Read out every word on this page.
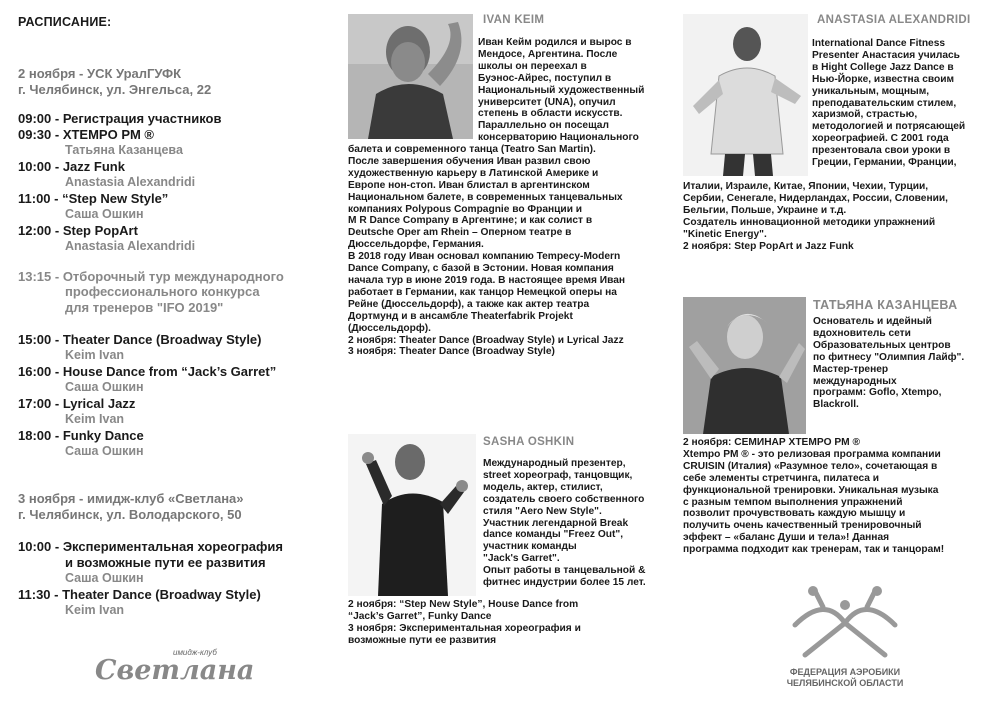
РАСПИСАНИЕ:
2 ноября - УСК УралГУФК
г. Челябинск, ул. Энгельса, 22
09:00 - Регистрация участников
09:30 - XTEMPO PM ®
Татьяна Казанцева
10:00 - Jazz Funk
Anastasia Alexandridi
11:00 - “Step New Style”
Саша Ошкин
12:00 - Step PopArt
Anastasia Alexandridi
13:15 - Отборочный тур международного
профессионального конкурса
для тренеров "IFO 2019"
15:00 - Theater Dance (Broadway Style)
Keim Ivan
16:00 - House Dance from “Jack’s Garret”
Саша Ошкин
17:00 - Lyrical Jazz
Keim Ivan
18:00 - Funky Dance
Саша Ошкин
3 ноября - имидж-клуб «Светлана»
г. Челябинск, ул. Володарского, 50
10:00 - Экспериментальная хореография
и возможные пути ее развития
Саша Ошкин
11:30 - Theater Dance (Broadway Style)
Keim Ivan
имидж-клуб
Светлана
IVAN KEIM

Иван Кейм родился и вырос в

Мендосе, Аргентина. После

школы он переехал в

Буэнос-Айрес, поступил в

Национальный художественный

университет (UNA), опучил

степень в области искусств.

Параллельно он посещал

консерваторию Национального

балета и современного танца (Teatro San Martin).

После завершения обучения Иван развил свою

художественную карьеру в Латинской Америке и

Европе нон-стоп. Иван блистал в аргентинском

Национальном балете, в современных танцевальных

компаниях Polypous Compagnie во Франции и

M R Dance Company в Аргентине; и как солист в

Deutsche Oper am Rhein – Оперном театре в

Дюссельдорфе, Германия.

В 2018 году Иван основал компанию Tempecy-Modern

Dance Company, с базой в Эстонии. Новая компания

начала тур в июне 2019 года. В настоящее время Иван

работает в Германии, как танцор Немецкой оперы на

Рейне (Дюссельдорф), а также как актер театра

Дортмунд и в ансамбле Theaterfabrik Projekt

(Дюссельдорф).

2 ноября: Theater Dance (Broadway Style) и Lyrical Jazz

3 ноября: Theater Dance (Broadway Style)

SASHA OSHKIN

Международный презентер,

street хореограф, танцовщик,

модель, актер, стилист,

создатель своего собственного

стиля "Aero New Style".

Участник легендарной Break

dance команды "Freez Out",

участник команды

"Jack's Garret".

Опыт работы в танцевальной &

фитнес индустрии более 15 лет.

2 ноября: “Step New Style”, House Dance from

“Jack’s Garret”, Funky Dance

3 ноября: Экспериментальная хореография и

возможные пути ее развития

ANASTASIA ALEXANDRIDI

International Dance Fitness

Presenter Анастасия училась

в Hight College Jazz Dance в

Нью-Йорке, известна своим

уникальным, мощным,

преподавательским стилем,

харизмой, страстью,

методологией и потрясающей

хореографией. С 2001 года

презентовала свои уроки в

Греции, Германии, Франции,

Италии, Израиле, Китае, Японии, Чехии, Турции,

Сербии, Сенегале, Нидерландах, России, Словении,

Бельгии, Польше, Украине и т.д.

Создатель инновационной методики упражнений

"Kinetic Energy".

2 ноября: Step PopArt и Jazz Funk

ТАТЬЯНА КАЗАНЦЕВА

Основатель и идейный

вдохновитель сети

Образовательных центров

по фитнесу "Олимпия Лайф".

Мастер-тренер

международных

программ: Goflo, Xtempo,

Blackroll.

2 ноября: СЕМИНАР XTEMPO PM ®

Xtempo PM ® - это релизовая программа компании

CRUISIN (Италия) «Разумное тело», сочетающая в

себе элементы стретчинга, пилатеса и

функциональной тренировки. Уникальная музыка

с разным темпом выполнения упражнений

позволит прочувствовать каждую мышцу и

получить очень качественный тренировочный

эффект – «баланс Души и тела»! Данная

программа подходит как тренерам, так и танцорам!

ФЕДЕРАЦИЯ АЭРОБИКИ
ЧЕЛЯБИНСКОЙ ОБЛАСТИ
